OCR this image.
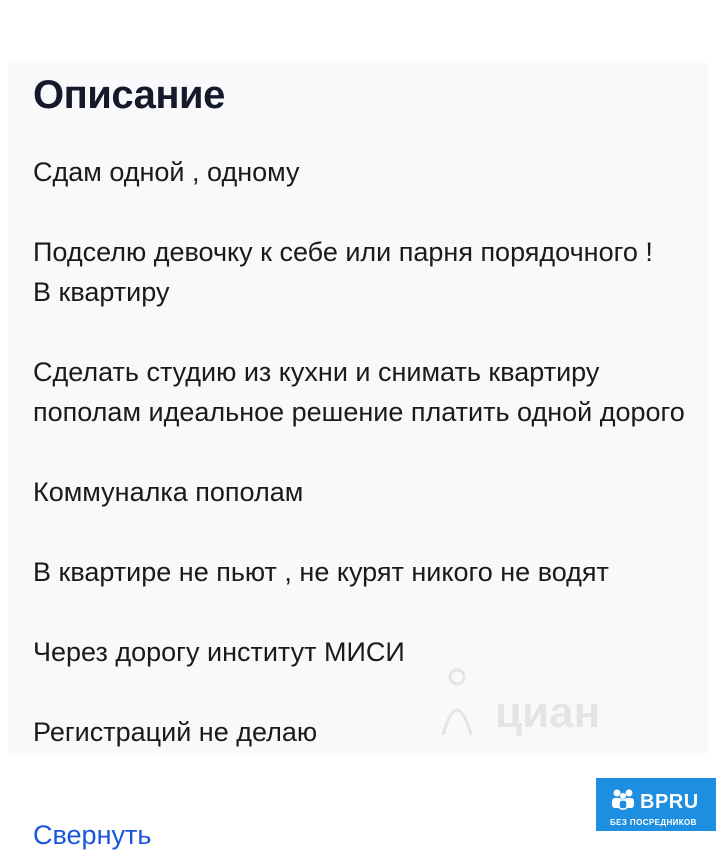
циан
Описание

Сдам одной , одному

Подселю девочку к себе или парня порядочного !
В квартиру

Сделать студию из кухни и снимать квартиру пополам идеальное решение платить одной дорого

Коммуналка пополам

В квартире не пьют , не курят никого не водят

Через дорогу институт МИСИ

Регистраций не делаю

Свернуть
BPRU
БЕЗ ПОСРЕДНИКОВ
